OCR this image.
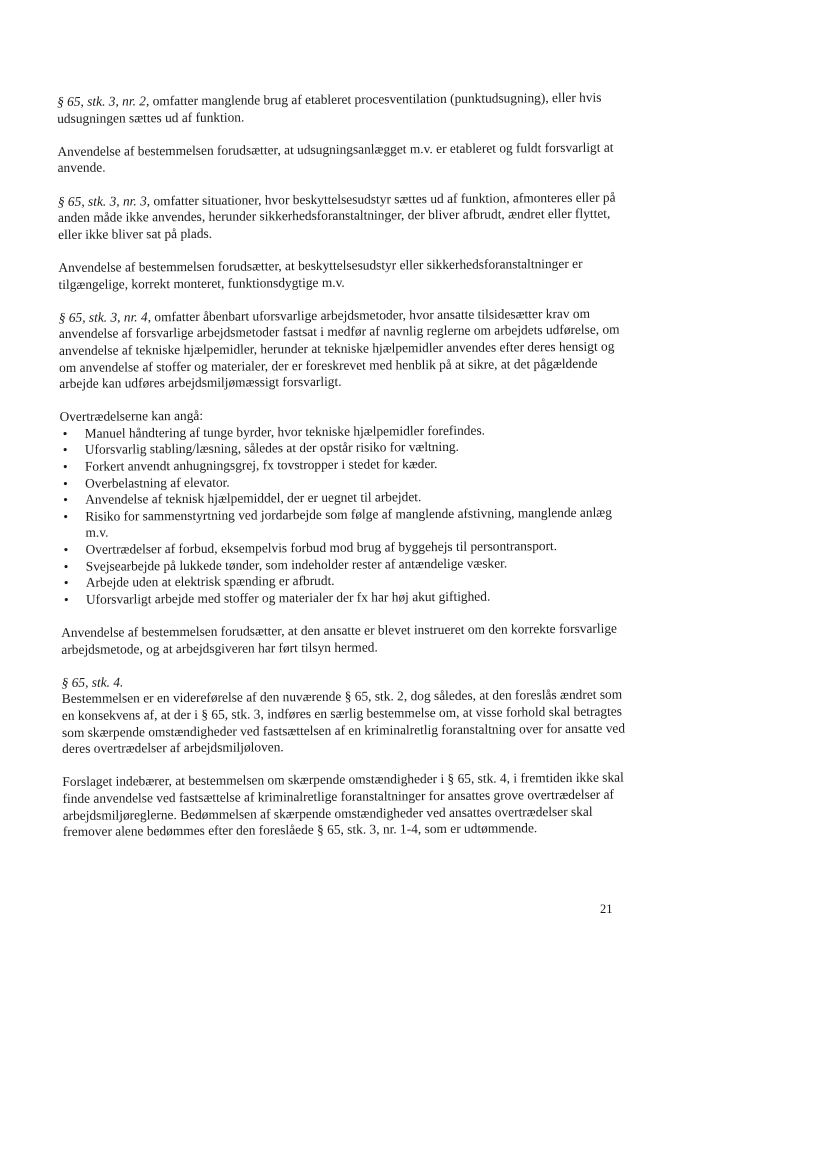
§ 65, stk. 3, nr. 2, omfatter manglende brug af etableret procesventilation (punktudsugning), eller hvis udsugningen sættes ud af funktion.

Anvendelse af bestemmelsen forudsætter, at udsugningsanlægget m.v. er etableret og fuldt forsvarligt at anvende.

§ 65, stk. 3, nr. 3, omfatter situationer, hvor beskyttelsesudstyr sættes ud af funktion, afmonteres eller på anden måde ikke anvendes, herunder sikkerhedsforanstaltninger, der bliver afbrudt, ændret eller flyttet, eller ikke bliver sat på plads.

Anvendelse af bestemmelsen forudsætter, at beskyttelsesudstyr eller sikkerhedsforanstaltninger er tilgængelige, korrekt monteret, funktionsdygtige m.v.

§ 65, stk. 3, nr. 4, omfatter åbenbart uforsvarlige arbejdsmetoder, hvor ansatte tilsidesætter krav om anvendelse af forsvarlige arbejdsmetoder fastsat i medfør af navnlig reglerne om arbejdets udførelse, om anvendelse af tekniske hjælpemidler, herunder at tekniske hjælpemidler anvendes efter deres hensigt og om anvendelse af stoffer og materialer, der er foreskrevet med henblik på at sikre, at det pågældende arbejde kan udføres arbejdsmiljømæssigt forsvarligt.

Overtrædelserne kan angå:
• Manuel håndtering af tunge byrder, hvor tekniske hjælpemidler forefindes.
• Uforsvarlig stabling/læsning, således at der opstår risiko for væltning.
• Forkert anvendt anhugningsgrej, fx tovstropper i stedet for kæder.
• Overbelastning af elevator.
• Anvendelse af teknisk hjælpemiddel, der er uegnet til arbejdet.
• Risiko for sammenstyrtning ved jordarbejde som følge af manglende afstivning, manglende anlæg m.v.
• Overtrædelser af forbud, eksempelvis forbud mod brug af byggehejs til persontransport.
• Svejsearbejde på lukkede tønder, som indeholder rester af antændelige væsker.
• Arbejde uden at elektrisk spænding er afbrudt.
• Uforsvarligt arbejde med stoffer og materialer der fx har høj akut giftighed.

Anvendelse af bestemmelsen forudsætter, at den ansatte er blevet instrueret om den korrekte forsvarlige arbejdsmetode, og at arbejdsgiveren har ført tilsyn hermed.

§ 65, stk. 4.
Bestemmelsen er en videreførelse af den nuværende § 65, stk. 2, dog således, at den foreslås ændret som en konsekvens af, at der i § 65, stk. 3, indføres en særlig bestemmelse om, at visse forhold skal betragtes som skærpende omstændigheder ved fastsættelsen af en kriminalretlig foranstaltning over for ansatte ved deres overtrædelser af arbejdsmiljøloven.

Forslaget indebærer, at bestemmelsen om skærpende omstændigheder i § 65, stk. 4, i fremtiden ikke skal finde anvendelse ved fastsættelse af kriminalretlige foranstaltninger for ansattes grove overtrædelser af arbejdsmiljøreglerne. Bedømmelsen af skærpende omstændigheder ved ansattes overtrædelser skal fremover alene bedømmes efter den foreslåede § 65, stk. 3, nr. 1-4, som er udtømmende.

21
